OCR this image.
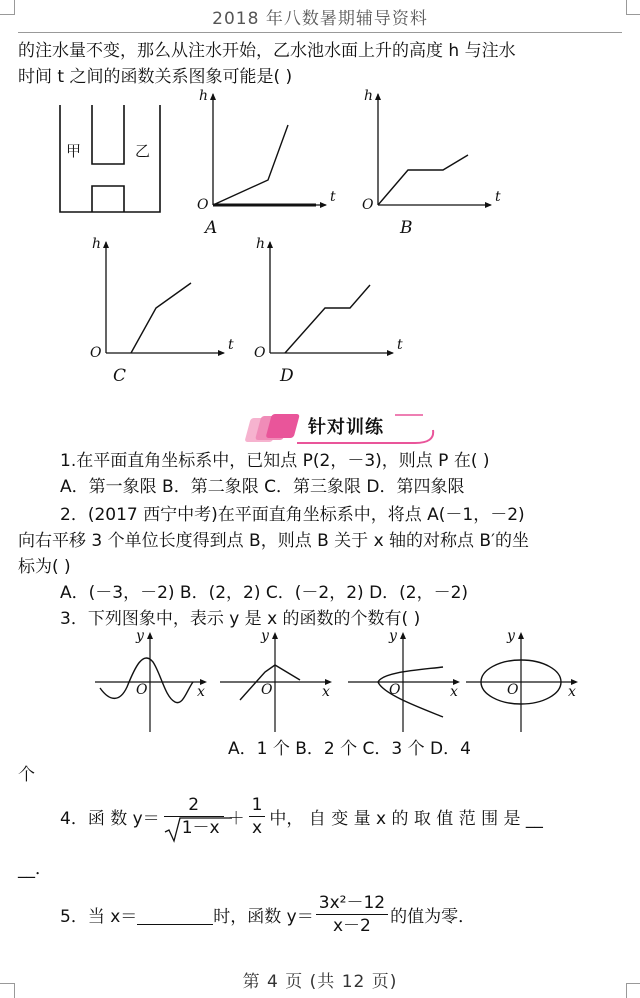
2018 年八数暑期辅导资料
的注水量不变，那么从注水开始，乙水池水面上升的高度 h 与注水
时间 t 之间的函数关系图象可能是( )
甲	乙
h
t
O
A
h
t
O
B
h
t
O
C
h
t
O
D
针对训练
1.在平面直角坐标系中，已知点 P(2，－3)，则点 P 在( )
A．第一象限 B．第二象限 C．第三象限 D．第四象限
2．(2017 西宁中考)在平面直角坐标系中，将点 A(－1，－2)
向右平移 3 个单位长度得到点 B，则点 B 关于 x 轴的对称点 B′的坐
标为( )
A．(－3，－2) B．(2，2) C．(－2，2) D．(2，－2)
3．下列图象中，表示 y 是 x 的函数的个数有( )
y
x
O
y
x
O
y
x
O
y
x
O
A．1 个 B．2 个 C．3 个 D．4
个
4．函 数 $y= \frac{2}{1-x} + \frac{1}{x}$ 中， 自 变 量 x 的 取 值 范 围 是 __
__．
5．当 x＝	时，函数 $y= \frac{\text{3x²－12}}{x-2}$ 的值为零．
第 4 页 (共 12 页)
